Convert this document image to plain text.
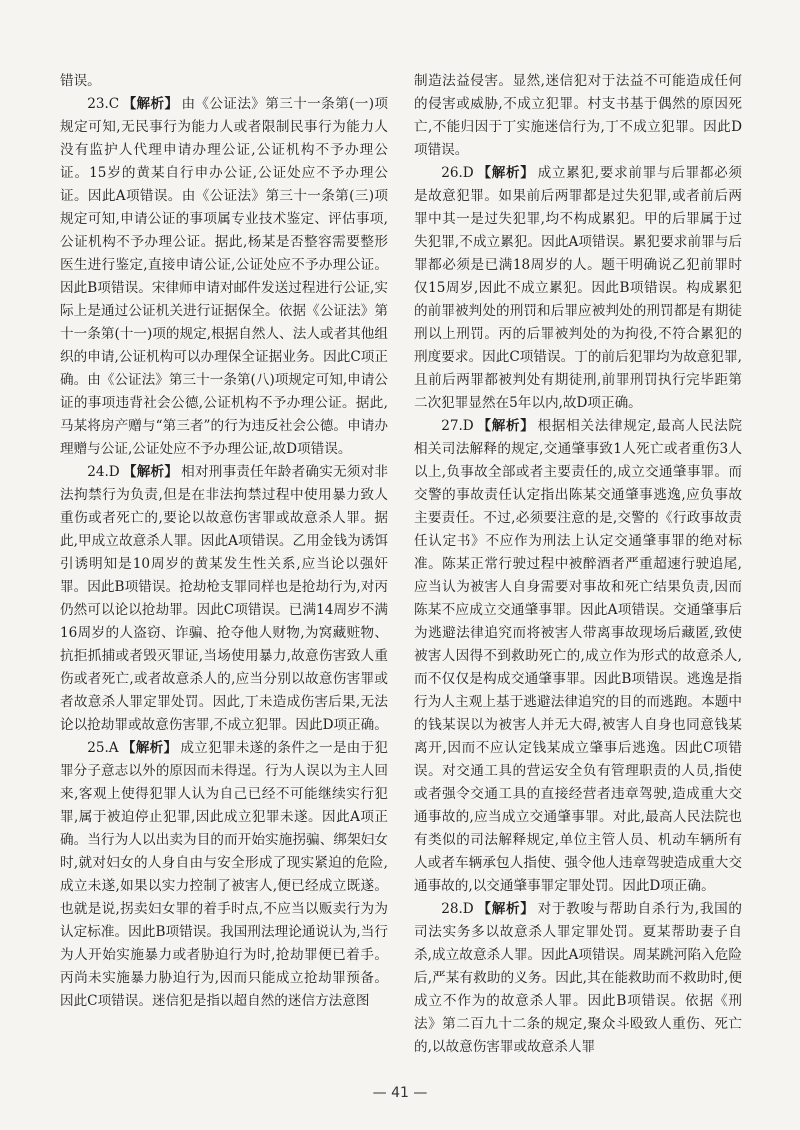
错误。

23.C 【解析】 由《公证法》第三十一条第(一)项规定可知,无民事行为能力人或者限制民事行为能力人没有监护人代理申请办理公证,公证机构不予办理公证。15岁的黄某自行申办公证,公证处应不予办理公证。因此A项错误。由《公证法》第三十一条第(三)项规定可知,申请公证的事项属专业技术鉴定、评估事项,公证机构不予办理公证。据此,杨某是否整容需要整形医生进行鉴定,直接申请公证,公证处应不予办理公证。因此B项错误。宋律师申请对邮件发送过程进行公证,实际上是通过公证机关进行证据保全。依据《公证法》第十一条第(十一)项的规定,根据自然人、法人或者其他组织的申请,公证机构可以办理保全证据业务。因此C项正确。由《公证法》第三十一条第(八)项规定可知,申请公证的事项违背社会公德,公证机构不予办理公证。据此,马某将房产赠与“第三者”的行为违反社会公德。申请办理赠与公证,公证处应不予办理公证,故D项错误。

24.D 【解析】 相对刑事责任年龄者确实无须对非法拘禁行为负责,但是在非法拘禁过程中使用暴力致人重伤或者死亡的,要论以故意伤害罪或故意杀人罪。据此,甲成立故意杀人罪。因此A项错误。乙用金钱为诱饵引诱明知是10周岁的黄某发生性关系,应当论以强奸罪。因此B项错误。抢劫枪支罪同样也是抢劫行为,对丙仍然可以论以抢劫罪。因此C项错误。已满14周岁不满16周岁的人盗窃、诈骗、抢夺他人财物,为窝藏赃物、抗拒抓捕或者毁灭罪证,当场使用暴力,故意伤害致人重伤或者死亡,或者故意杀人的,应当分别以故意伤害罪或者故意杀人罪定罪处罚。因此,丁未造成伤害后果,无法论以抢劫罪或故意伤害罪,不成立犯罪。因此D项正确。

25.A 【解析】 成立犯罪未遂的条件之一是由于犯罪分子意志以外的原因而未得逞。行为人误以为主人回来,客观上使得犯罪人认为自己已经不可能继续实行犯罪,属于被迫停止犯罪,因此成立犯罪未遂。因此A项正确。当行为人以出卖为目的而开始实施拐骗、绑架妇女时,就对妇女的人身自由与安全形成了现实紧迫的危险,成立未遂,如果以实力控制了被害人,便已经成立既遂。也就是说,拐卖妇女罪的着手时点,不应当以贩卖行为为认定标准。因此B项错误。我国刑法理论通说认为,当行为人开始实施暴力或者胁迫行为时,抢劫罪便已着手。丙尚未实施暴力胁迫行为,因而只能成立抢劫罪预备。因此C项错误。迷信犯是指以超自然的迷信方法意图

制造法益侵害。显然,迷信犯对于法益不可能造成任何的侵害或威胁,不成立犯罪。村支书基于偶然的原因死亡,不能归因于丁实施迷信行为,丁不成立犯罪。因此D项错误。

26.D 【解析】 成立累犯,要求前罪与后罪都必须是故意犯罪。如果前后两罪都是过失犯罪,或者前后两罪中其一是过失犯罪,均不构成累犯。甲的后罪属于过失犯罪,不成立累犯。因此A项错误。累犯要求前罪与后罪都必须是已满18周岁的人。题干明确说乙犯前罪时仅15周岁,因此不成立累犯。因此B项错误。构成累犯的前罪被判处的刑罚和后罪应被判处的刑罚都是有期徒刑以上刑罚。丙的后罪被判处的为拘役,不符合累犯的刑度要求。因此C项错误。丁的前后犯罪均为故意犯罪,且前后两罪都被判处有期徒刑,前罪刑罚执行完毕距第二次犯罪显然在5年以内,故D项正确。

27.D 【解析】 根据相关法律规定,最高人民法院相关司法解释的规定,交通肇事致1人死亡或者重伤3人以上,负事故全部或者主要责任的,成立交通肇事罪。而交警的事故责任认定指出陈某交通肇事逃逸,应负事故主要责任。不过,必须要注意的是,交警的《行政事故责任认定书》不应作为刑法上认定交通肇事罪的绝对标准。陈某正常行驶过程中被醉酒者严重超速行驶追尾,应当认为被害人自身需要对事故和死亡结果负责,因而陈某不应成立交通肇事罪。因此A项错误。交通肇事后为逃避法律追究而将被害人带离事故现场后藏匿,致使被害人因得不到救助死亡的,成立作为形式的故意杀人,而不仅仅是构成交通肇事罪。因此B项错误。逃逸是指行为人主观上基于逃避法律追究的目的而逃跑。本题中的钱某误以为被害人并无大碍,被害人自身也同意钱某离开,因而不应认定钱某成立肇事后逃逸。因此C项错误。对交通工具的营运安全负有管理职责的人员,指使或者强令交通工具的直接经营者违章驾驶,造成重大交通事故的,应当成立交通肇事罪。对此,最高人民法院也有类似的司法解释规定,单位主管人员、机动车辆所有人或者车辆承包人指使、强令他人违章驾驶造成重大交通事故的,以交通肇事罪定罪处罚。因此D项正确。

28.D 【解析】 对于教唆与帮助自杀行为,我国的司法实务多以故意杀人罪定罪处罚。夏某帮助妻子自杀,成立故意杀人罪。因此A项错误。周某跳河陷入危险后,严某有救助的义务。因此,其在能救助而不救助时,便成立不作为的故意杀人罪。因此B项错误。依据《刑法》第二百九十二条的规定,聚众斗殴致人重伤、死亡的,以故意伤害罪或故意杀人罪

— 41 —
